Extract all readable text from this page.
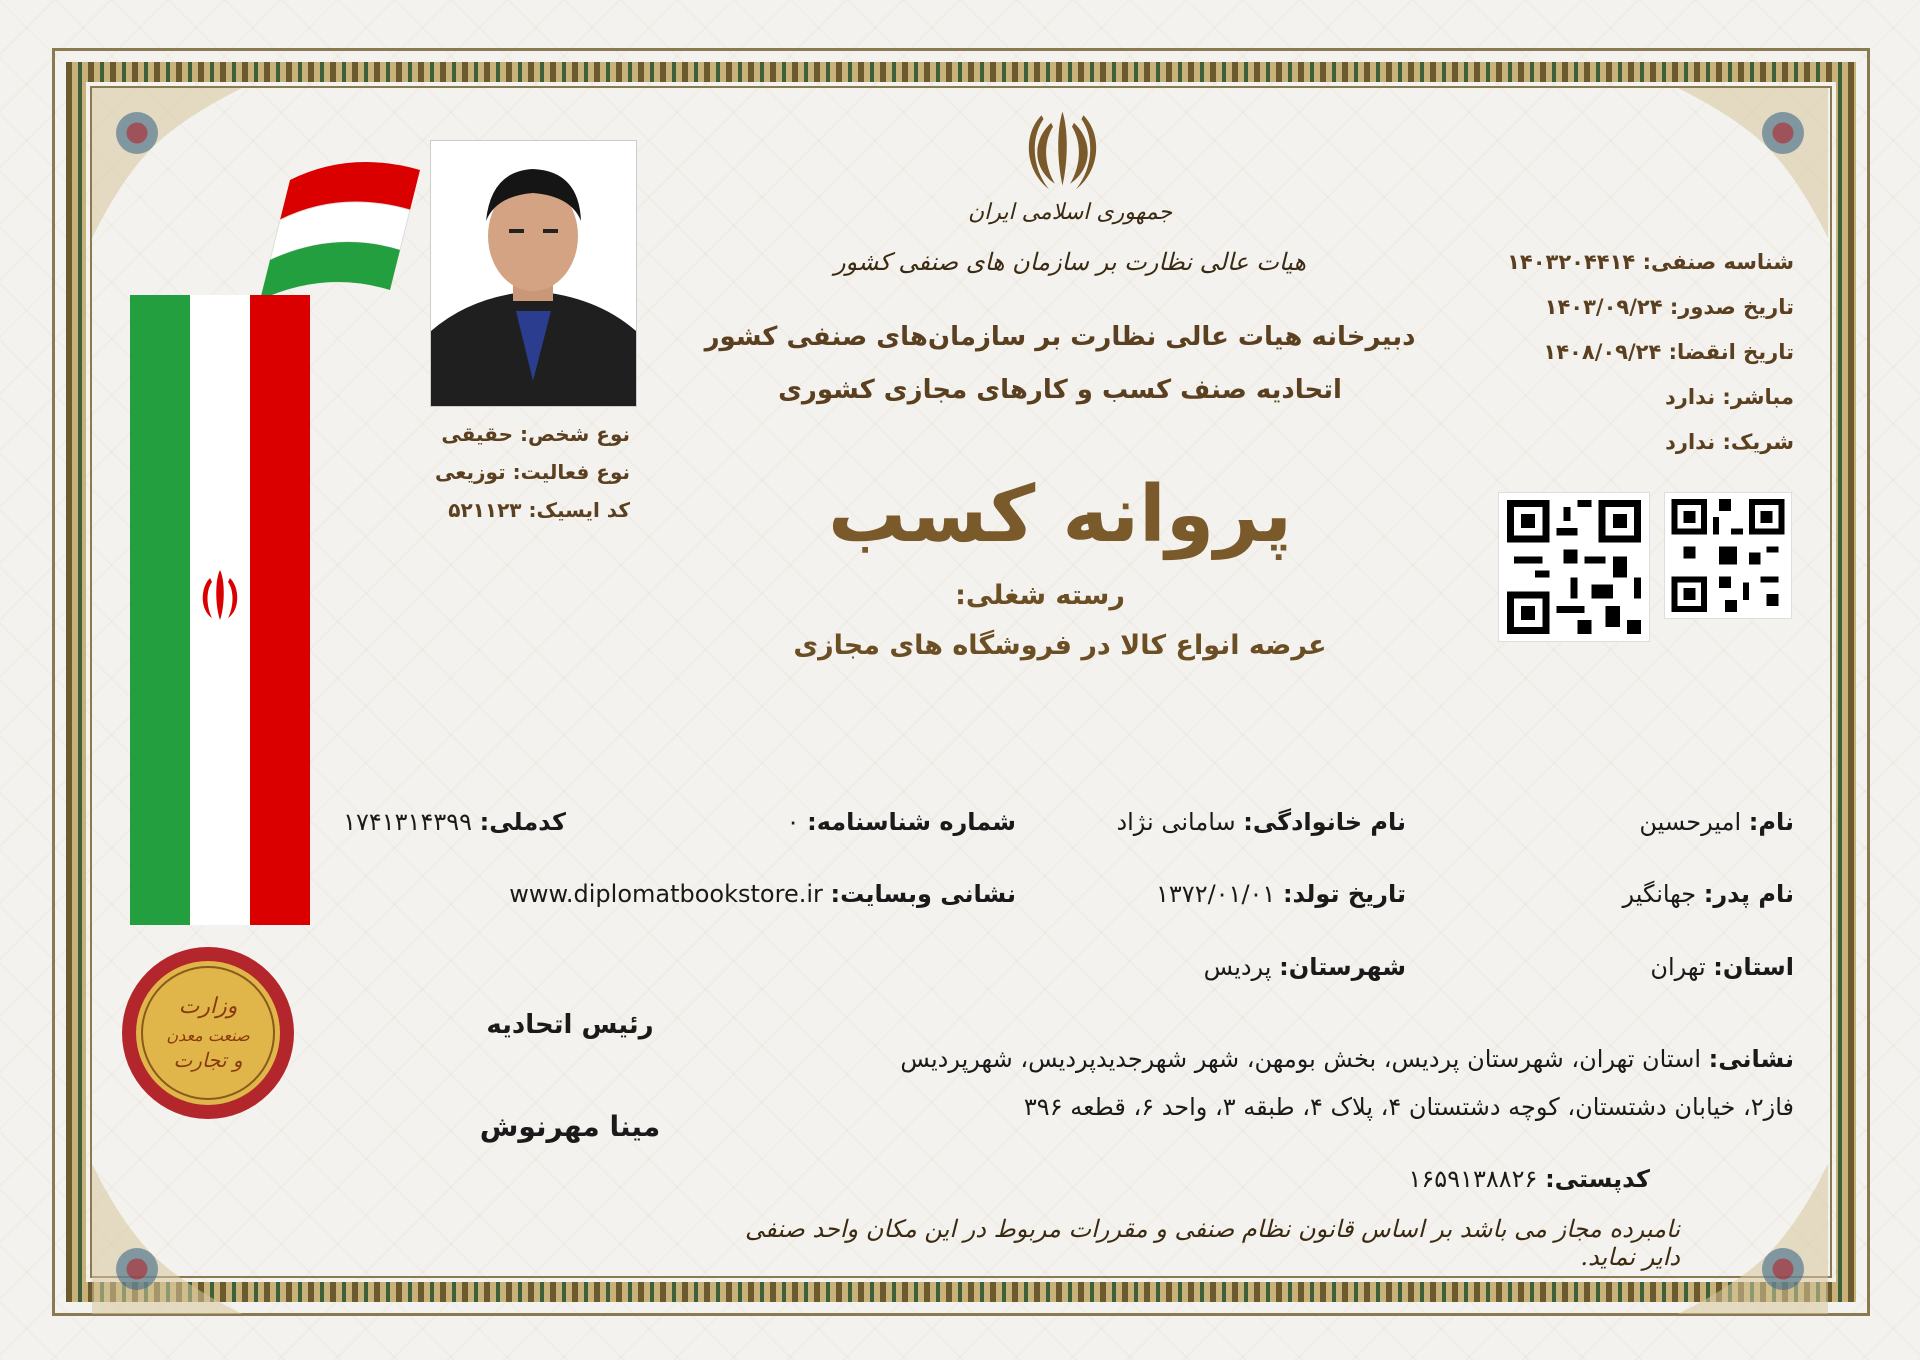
جمهوری اسلامی ایران
هیات عالی نظارت بر سازمان های صنفی کشور
دبیرخانه هیات عالی نظارت بر سازمان‌های صنفی کشور
اتحادیه صنف کسب و کارهای مجازی کشوری
پروانه کسب
رسته شغلی:
عرضه انواع کالا در فروشگاه های مجازی
شناسه صنفی: ۱۴۰۳۲۰۴۴۱۴
تاریخ صدور: ۱۴۰۳/۰۹/۲۴
تاریخ انقضا: ۱۴۰۸/۰۹/۲۴
مباشر: ندارد
شریک: ندارد
وزارت
صنعت معدن
و تجارت
نوع شخص: حقیقی
نوع فعالیت: توزیعی
کد ایسیک: ۵۲۱۱۲۳
نام: امیرحسین
نام خانوادگی: سامانی نژاد
شماره شناسنامه: ۰
کدملی: ۱۷۴۱۳۱۴۳۹۹
نام پدر: جهانگیر
تاریخ تولد: ۱۳۷۲/۰۱/۰۱
نشانی وبسایت: www.diplomatbookstore.ir
استان: تهران
شهرستان: پردیس
نشانی: استان تهران، شهرستان پردیس، بخش بومهن، شهر شهرجدیدپردیس، شهرپردیس
فاز۲، خیابان دشتستان، کوچه دشتستان ۴، پلاک ۴، طبقه ۳، واحد ۶، قطعه ۳۹۶
کدپستی: ۱۶۵۹۱۳۸۸۲۶
رئیس اتحادیه
مینا مهرنوش
نامبرده مجاز می باشد بر اساس قانون نظام صنفی و مقررات مربوط در این مکان واحد صنفی دایر نماید.
